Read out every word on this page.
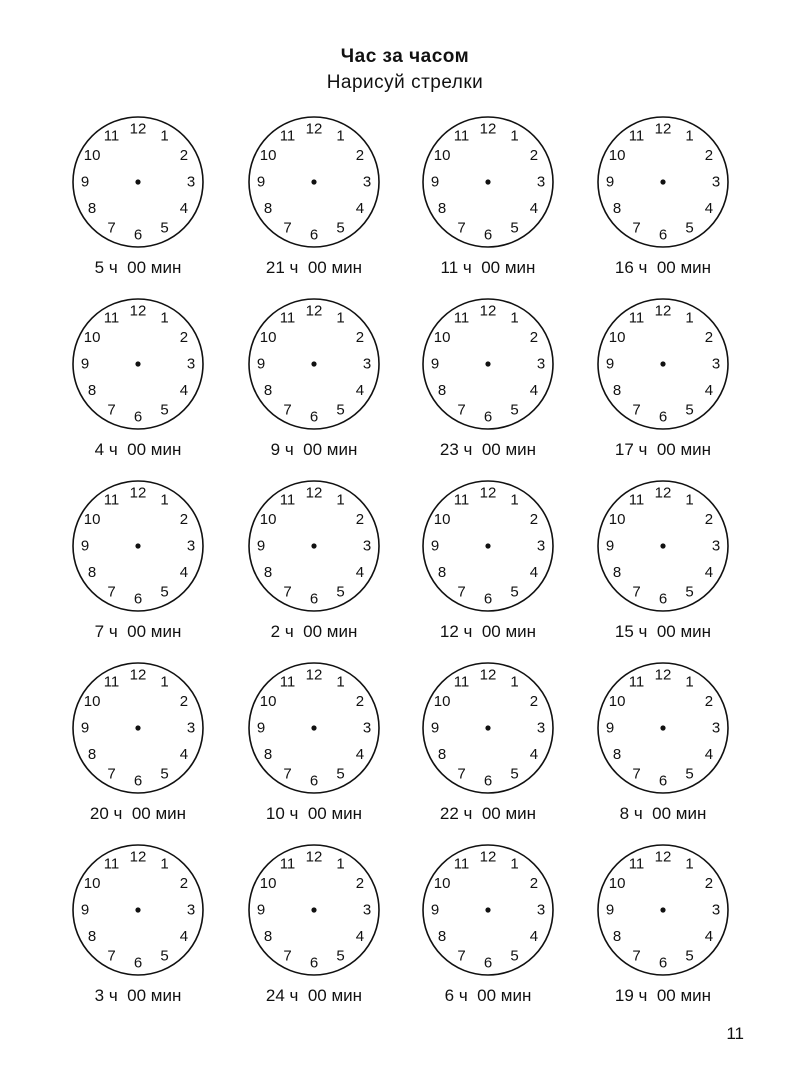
Час за часом
Нарисуй стрелки
12 1
2
3
4
5
6
7
8
9
10
11
5 ч  00 мин
12 1
2
3
4
5
6
7
8
9
10
11
21 ч  00 мин
12 1
2
3
4
5
6
7
8
9
10
11
11 ч  00 мин
12 1
2
3
4
5
6
7
8
9
10
11
16 ч  00 мин
12 1
2
3
4
5
6
7
8
9
10
11
4 ч  00 мин
12 1
2
3
4
5
6
7
8
9
10
11
9 ч  00 мин
12 1
2
3
4
5
6
7
8
9
10
11
23 ч  00 мин
12 1
2
3
4
5
6
7
8
9
10
11
17 ч  00 мин
12 1
2
3
4
5
6
7
8
9
10
11
7 ч  00 мин
12 1
2
3
4
5
6
7
8
9
10
11
2 ч  00 мин
12 1
2
3
4
5
6
7
8
9
10
11
12 ч  00 мин
12 1
2
3
4
5
6
7
8
9
10
11
15 ч  00 мин
12 1
2
3
4
5
6
7
8
9
10
11
20 ч  00 мин
12 1
2
3
4
5
6
7
8
9
10
11
10 ч  00 мин
12 1
2
3
4
5
6
7
8
9
10
11
22 ч  00 мин
12 1
2
3
4
5
6
7
8
9
10
11
8 ч  00 мин
12 1
2
3
4
5
6
7
8
9
10
11
3 ч  00 мин
12 1
2
3
4
5
6
7
8
9
10
11
24 ч  00 мин
12 1
2
3
4
5
6
7
8
9
10
11
6 ч  00 мин
12 1
2
3
4
5
6
7
8
9
10
11
19 ч  00 мин
11
